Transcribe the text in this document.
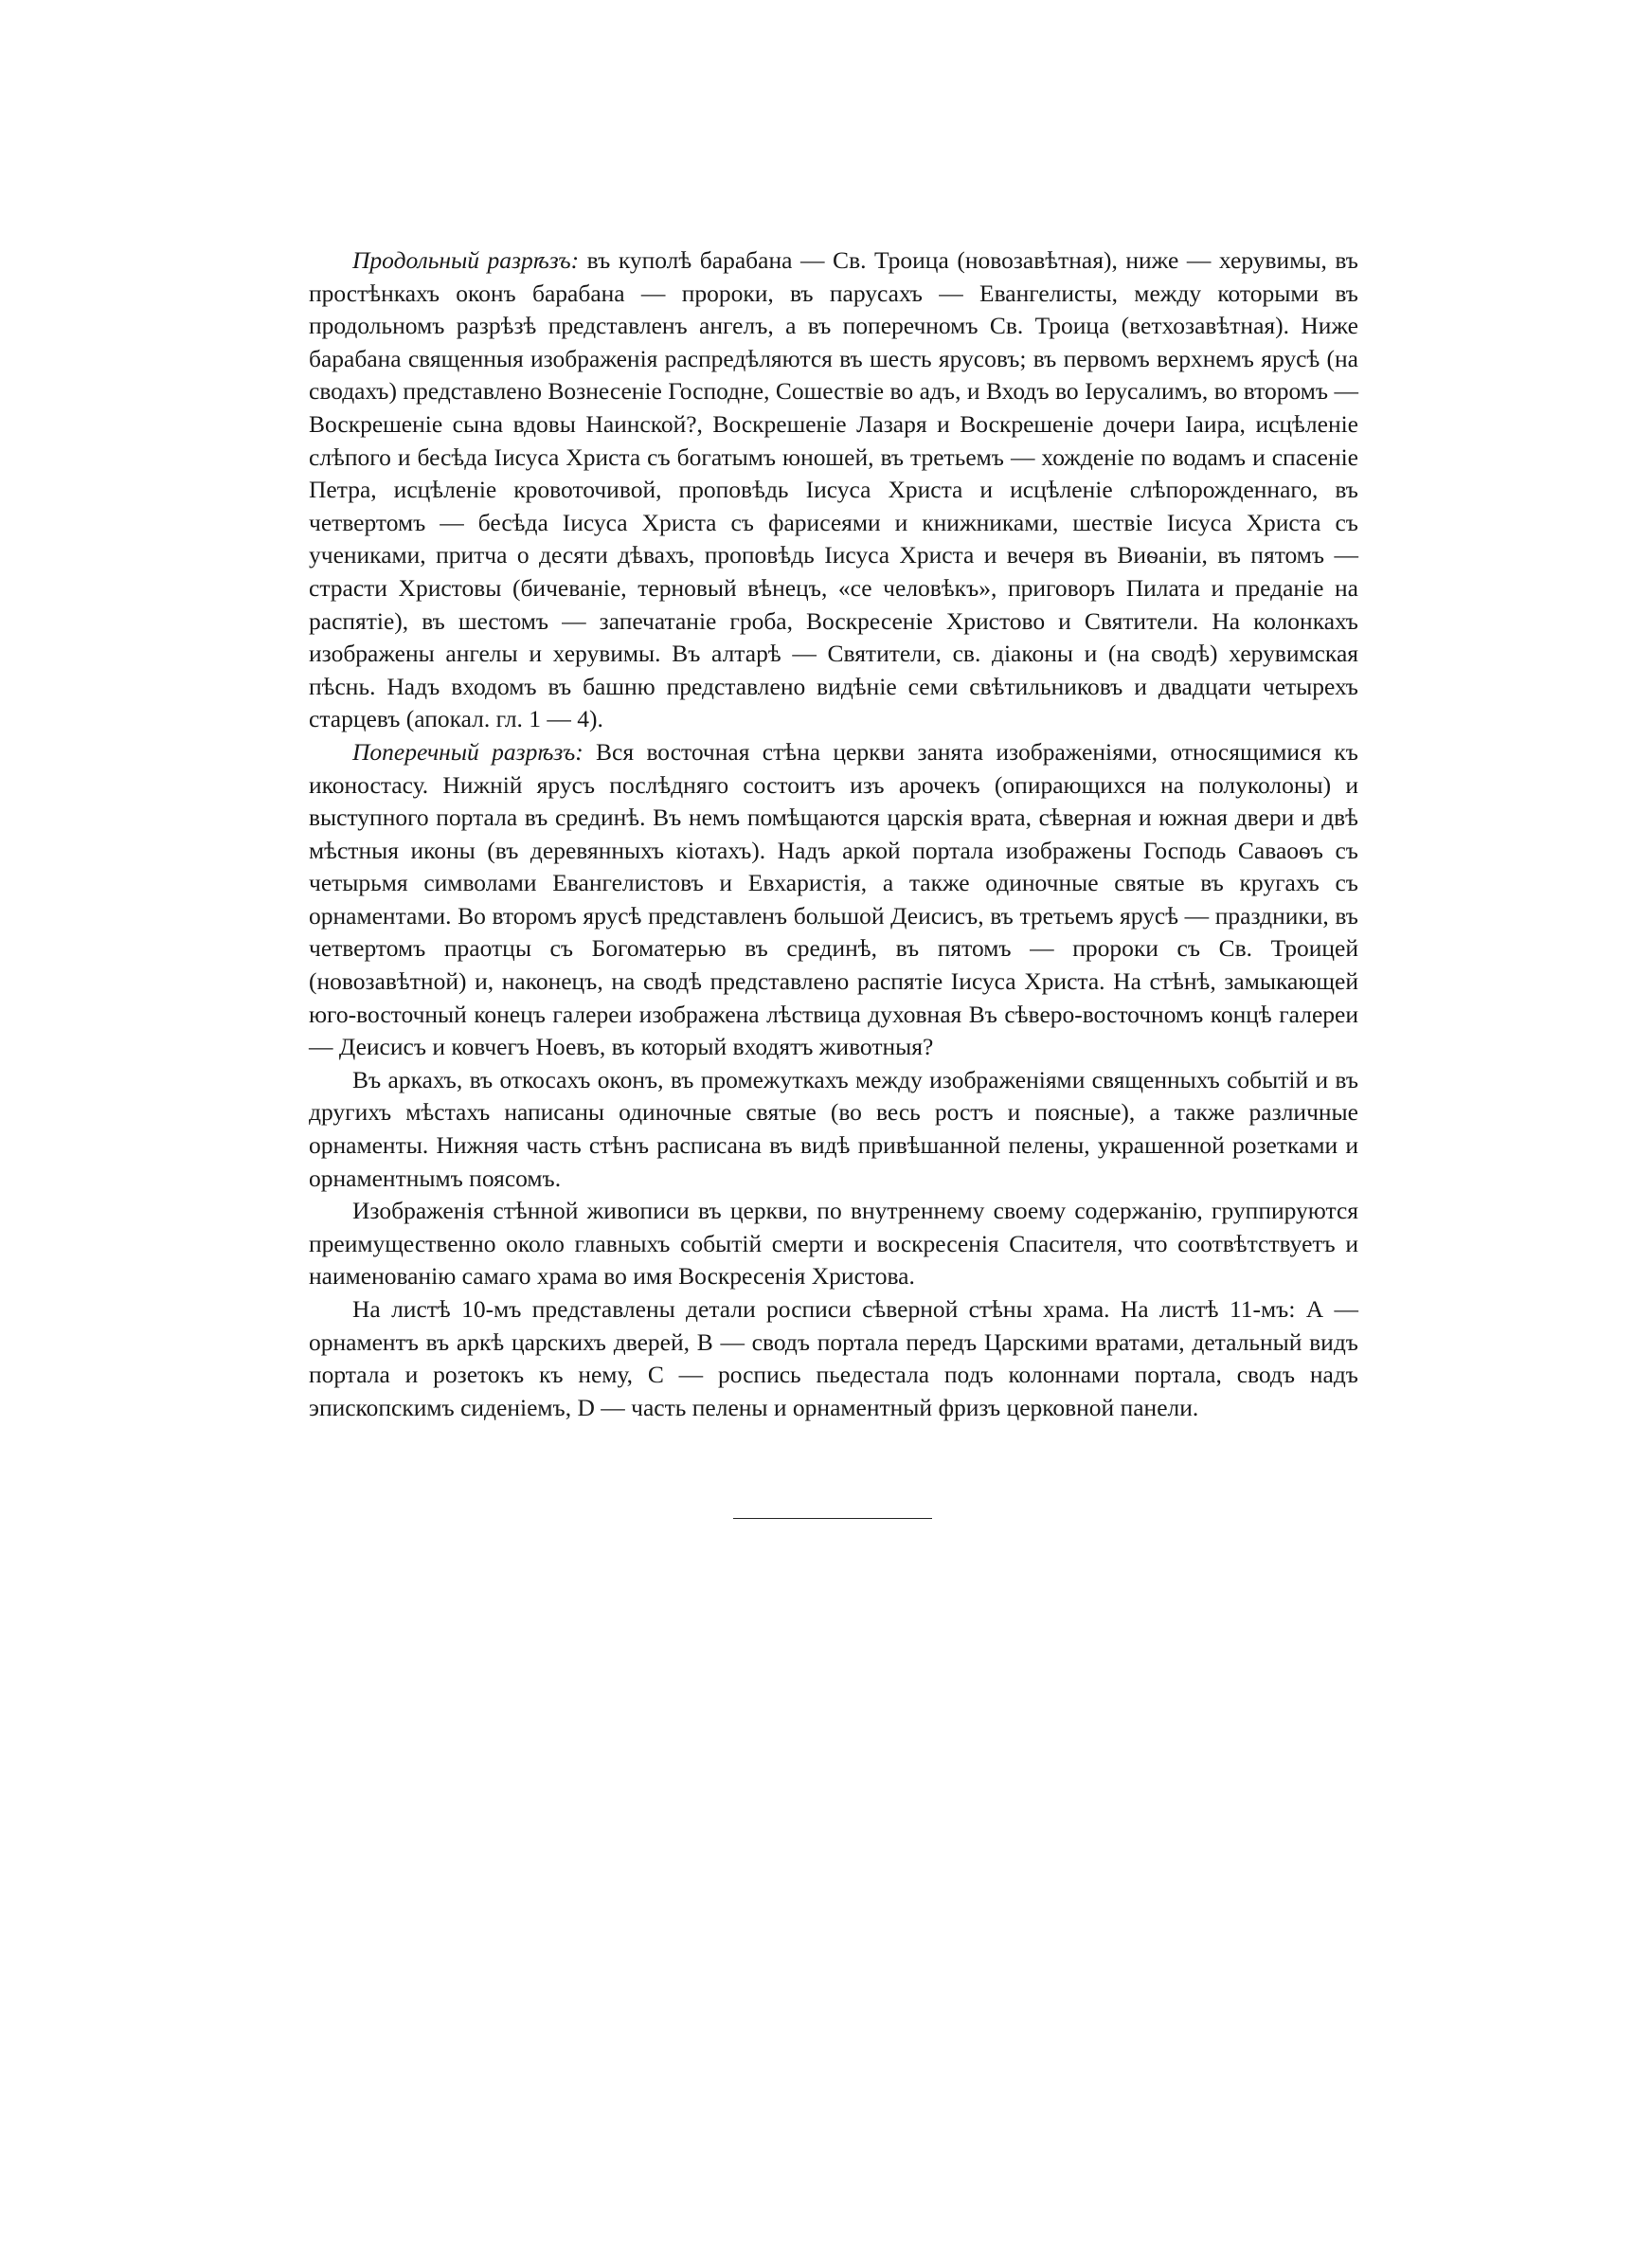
Продольный разрѣзъ: въ куполѣ барабана — Св. Троица (новозавѣтная), ниже — херувимы, въ простѣнкахъ оконъ барабана — пророки, въ парусахъ — Евангелисты, между которыми въ продольномъ разрѣзѣ представленъ ангелъ, а въ поперечномъ Св. Троица (ветхозавѣтная). Ниже барабана священныя изображенія распредѣляются въ шесть ярусовъ; въ первомъ верхнемъ ярусѣ (на сводахъ) представлено Вознесеніе Господне, Сошествіе во адъ, и Входъ во Іерусалимъ, во второмъ — Воскрешеніе сына вдовы Наинской?, Воскрешеніе Лазаря и Воскрешеніе дочери Іаира, исцѣленіе слѣпого и бесѣда Іисуса Христа съ богатымъ юношей, въ третьемъ — хожденіе по водамъ и спасеніе Петра, исцѣленіе кровоточивой, проповѣдь Іисуса Христа и исцѣленіе слѣпорожденнаго, въ четвертомъ — бесѣда Іисуса Христа съ фарисеями и книжниками, шествіе Іисуса Христа съ учениками, притча о десяти дѣвахъ, проповѣдь Іисуса Христа и вечеря въ Виѳаніи, въ пятомъ — страсти Христовы (бичеваніе, терновый вѣнецъ, «се человѣкъ», приговоръ Пилата и преданіе на распятіе), въ шестомъ — запечатаніе гроба, Воскресеніе Христово и Святители. На колонкахъ изображены ангелы и херувимы. Въ алтарѣ — Святители, св. діаконы и (на сводѣ) херувимская пѣснь. Надъ входомъ въ башню представлено видѣніе семи свѣтильниковъ и двадцати четырехъ старцевъ (апокал. гл. 1 — 4).

Поперечный разрѣзъ: Вся восточная стѣна церкви занята изображеніями, относящимися къ иконостасу. Нижній ярусъ послѣдняго состоитъ изъ арочекъ (опирающихся на полуколоны) и выступного портала въ срединѣ. Въ немъ помѣщаются царскія врата, сѣверная и южная двери и двѣ мѣстныя иконы (въ деревянныхъ кіотахъ). Надъ аркой портала изображены Господь Саваоѳъ съ четырьмя символами Евангелистовъ и Евхаристія, а также одиночные святые въ кругахъ съ орнаментами. Во второмъ ярусѣ представленъ большой Деисисъ, въ третьемъ ярусѣ — праздники, въ четвертомъ праотцы съ Богоматерью въ срединѣ, въ пятомъ — пророки съ Св. Троицей (новозавѣтной) и, наконецъ, на сводѣ представлено распятіе Іисуса Христа. На стѣнѣ, замыкающей юго-восточный конецъ галереи изображена лѣствица духовная Въ сѣверо-восточномъ концѣ галереи — Деисисъ и ковчегъ Ноевъ, въ который входятъ животныя?

Въ аркахъ, въ откосахъ оконъ, въ промежуткахъ между изображеніями священныхъ событій и въ другихъ мѣстахъ написаны одиночные святые (во весь ростъ и поясные), а также различные орнаменты. Нижняя часть стѣнъ расписана въ видѣ привѣшанной пелены, украшенной розетками и орнаментнымъ поясомъ.

Изображенія стѣнной живописи въ церкви, по внутреннему своему содержанію, группируются преимущественно около главныхъ событій смерти и воскресенія Спасителя, что соотвѣтствуетъ и наименованію самаго храма во имя Воскресенія Христова.

На листѣ 10-мъ представлены детали росписи сѣверной стѣны храма. На листѣ 11-мъ: А — орнаментъ въ аркѣ царскихъ дверей, В — сводъ портала передъ Царскими вратами, детальный видъ портала и розетокъ къ нему, С — роспись пьедестала подъ колоннами портала, сводъ надъ эпископскимъ сиденіемъ, D — часть пелены и орнаментный фризъ церковной панели.
